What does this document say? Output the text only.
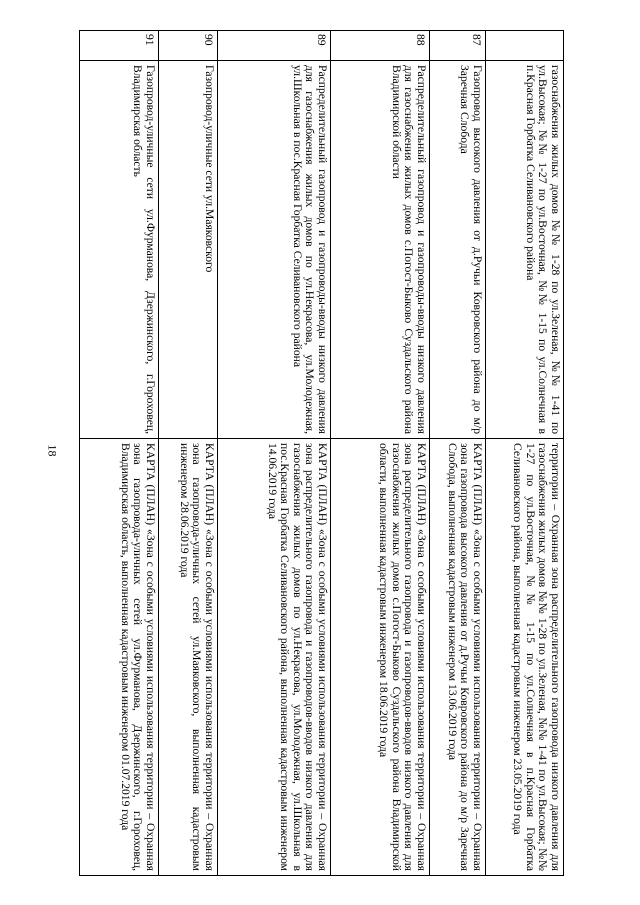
18
	газоснабжения жилых домов №№ 1-28 по ул.Зеленая, №№ 1-41 по ул.Высокая; №№ 1-27 по ул.Восточная, №№ 1-15 по ул.Солнечная в п.Красная Горбатка Селивановского района	территории – Охранная зона распределительного газопровода низкого давления для газоснабжения жилых домов №№ 1-28 по ул.Зеленая, №№ 1-41 по ул.Высокая; №№ 1-27 по ул.Восточная, №№ 1-15 по ул.Солнечная в п.Красная Горбатка Селивановского района, выполненная кадастровым инженером 23.05.2019 года
87	Газопровод высокого давления от д.Ручьи Ковровского района до м/р Заречная Слобода	КАРТА (ПЛАН) «Зона с особыми условиями использования территории – Охранная зона газопровода высокого давления от д.Ручьи Ковровского района до м/р Заречная Слобода, выполненная кадастровым инженером 13.06.2019 года
88	Распределительный газопровод и газопроводы-вводы низкого давления для газоснабжения жилых домов с.Погост-Быково Суздальского района Владимирской области	КАРТА (ПЛАН) «Зона с особыми условиями использования территории – Охранная зона распределительного газопровода и газопроводов-вводов низкого давления для газоснабжения жилых домов с.Погост-Быково Суздальского района Владимирской области, выполненная кадастровым инженером 18.06.2019 года
89	Распределительный газопровод и газопроводы-вводы низкого давления для газоснабжения жилых домов по ул.Некрасова, ул.Молодежная, ул.Школьная в пос.Красная Горбатка Селивановского района	КАРТА (ПЛАН) «Зона с особыми условиями использования территории – Охранная зона распределительного газопровода и газопроводов-вводов низкого давления для газоснабжения жилых домов по ул.Некрасова, ул.Молодежная, ул.Школьная в пос.Красная Горбатка Селивановского района, выполненная кадастровым инженером 14.06.2019 года
90	Газопровод-уличные сети ул.Маяковского	КАРТА (ПЛАН) «Зона с особыми условиями использования территории – Охранная зона газопровода-уличных сетей ул.Маяковского, выполненная кадастровым инженером 28.06.2019 года
91	Газопровод-уличные сети ул.Фурманова, Дзержинского, г.Гороховец, Владимирская область	КАРТА (ПЛАН) «Зона с особыми условиями использования территории – Охранная зона газопровода-уличных сетей ул.Фурманова, Дзержинского, г.Гороховец, Владимирская область, выполненная кадастровым инженером 01.07.2019 года
